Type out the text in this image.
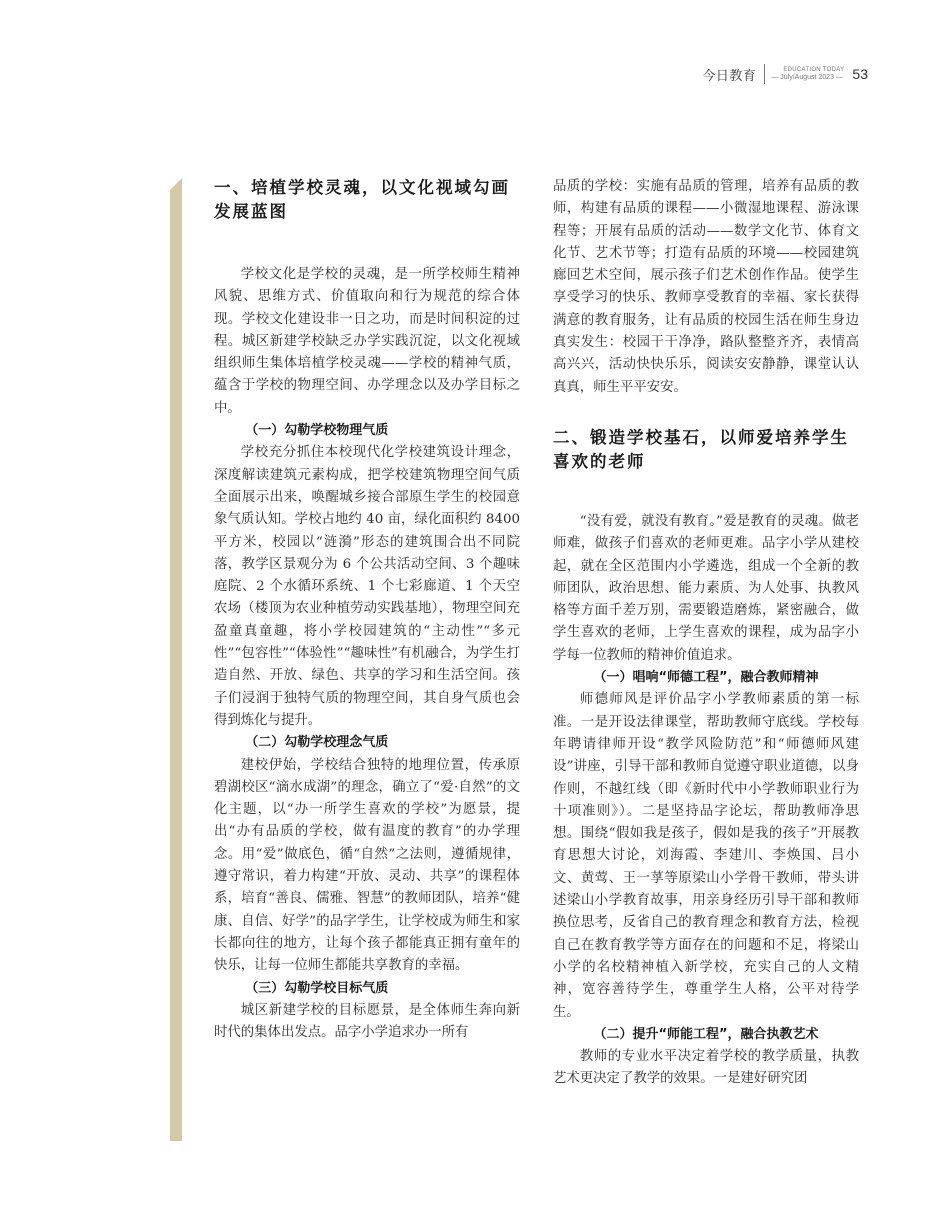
今日教育	EDUCATION TODAY
— July/August 2023 — 53
一、培植学校灵魂，以文化视域勾画发展蓝图

学校文化是学校的灵魂，是一所学校师生精神风貌、思维方式、价值取向和行为规范的综合体现。学校文化建设非一日之功，而是时间积淀的过程。城区新建学校缺乏办学实践沉淀，以文化视域组织师生集体培植学校灵魂——学校的精神气质，蕴含于学校的物理空间、办学理念以及办学目标之中。

（一）勾勒学校物理气质

学校充分抓住本校现代化学校建筑设计理念，深度解读建筑元素构成，把学校建筑物理空间气质全面展示出来，唤醒城乡接合部原生学生的校园意象气质认知。学校占地约 40 亩，绿化面积约 8400 平方米，校园以“涟漪”形态的建筑围合出不同院落，教学区景观分为 6 个公共活动空间、3 个趣味庭院、2 个水循环系统、1 个七彩廊道、1 个天空农场（楼顶为农业种植劳动实践基地），物理空间充盈童真童趣，将小学校园建筑的“主动性”“多元性”“包容性”“体验性”“趣味性”有机融合，为学生打造自然、开放、绿色、共享的学习和生活空间。孩子们浸润于独特气质的物理空间，其自身气质也会得到炼化与提升。

（二）勾勒学校理念气质

建校伊始，学校结合独特的地理位置，传承原碧湖校区“滴水成湖”的理念，确立了“爱·自然”的文化主题，以“办一所学生喜欢的学校”为愿景，提出“办有品质的学校，做有温度的教育”的办学理念。用“爱”做底色，循“自然”之法则，遵循规律，遵守常识，着力构建“开放、灵动、共享”的课程体系，培育“善良、儒雅、智慧”的教师团队，培养“健康、自信、好学”的品字学生，让学校成为师生和家长都向往的地方，让每个孩子都能真正拥有童年的快乐，让每一位师生都能共享教育的幸福。

（三）勾勒学校目标气质

城区新建学校的目标愿景，是全体师生奔向新时代的集体出发点。品字小学追求办一所有

品质的学校：实施有品质的管理，培养有品质的教师，构建有品质的课程——小微湿地课程、游泳课程等；开展有品质的活动——数学文化节、体育文化节、艺术节等；打造有品质的环境——校园建筑廊回艺术空间，展示孩子们艺术创作作品。使学生享受学习的快乐、教师享受教育的幸福、家长获得满意的教育服务，让有品质的校园生活在师生身边真实发生：校园干干净净，路队整整齐齐，表情高高兴兴，活动快快乐乐，阅读安安静静，课堂认认真真，师生平平安安。

二、锻造学校基石，以师爱培养学生喜欢的老师

“没有爱，就没有教育。”爱是教育的灵魂。做老师难，做孩子们喜欢的老师更难。品字小学从建校起，就在全区范围内小学遴选，组成一个全新的教师团队，政治思想、能力素质、为人处事、执教风格等方面千差万别，需要锻造磨炼，紧密融合，做学生喜欢的老师，上学生喜欢的课程，成为品字小学每一位教师的精神价值追求。

（一）唱响“师德工程”，融合教师精神

师德师风是评价品字小学教师素质的第一标准。一是开设法律课堂，帮助教师守底线。学校每年聘请律师开设“教学风险防范”和“师德师风建设”讲座，引导干部和教师自觉遵守职业道德，以身作则，不越红线（即《新时代中小学教师职业行为十项准则》）。二是坚持品字论坛，帮助教师净思想。围绕“假如我是孩子，假如是我的孩子”开展教育思想大讨论，刘海霞、李建川、李焕国、吕小文、黄莺、王一莩等原梁山小学骨干教师，带头讲述梁山小学教育故事，用亲身经历引导干部和教师换位思考，反省自己的教育理念和教育方法，检视自己在教育教学等方面存在的问题和不足，将梁山小学的名校精神植入新学校，充实自己的人文精神，宽容善待学生，尊重学生人格，公平对待学生。

（二）提升“师能工程”，融合执教艺术

教师的专业水平决定着学校的教学质量，执教艺术更决定了教学的效果。一是建好研究团
